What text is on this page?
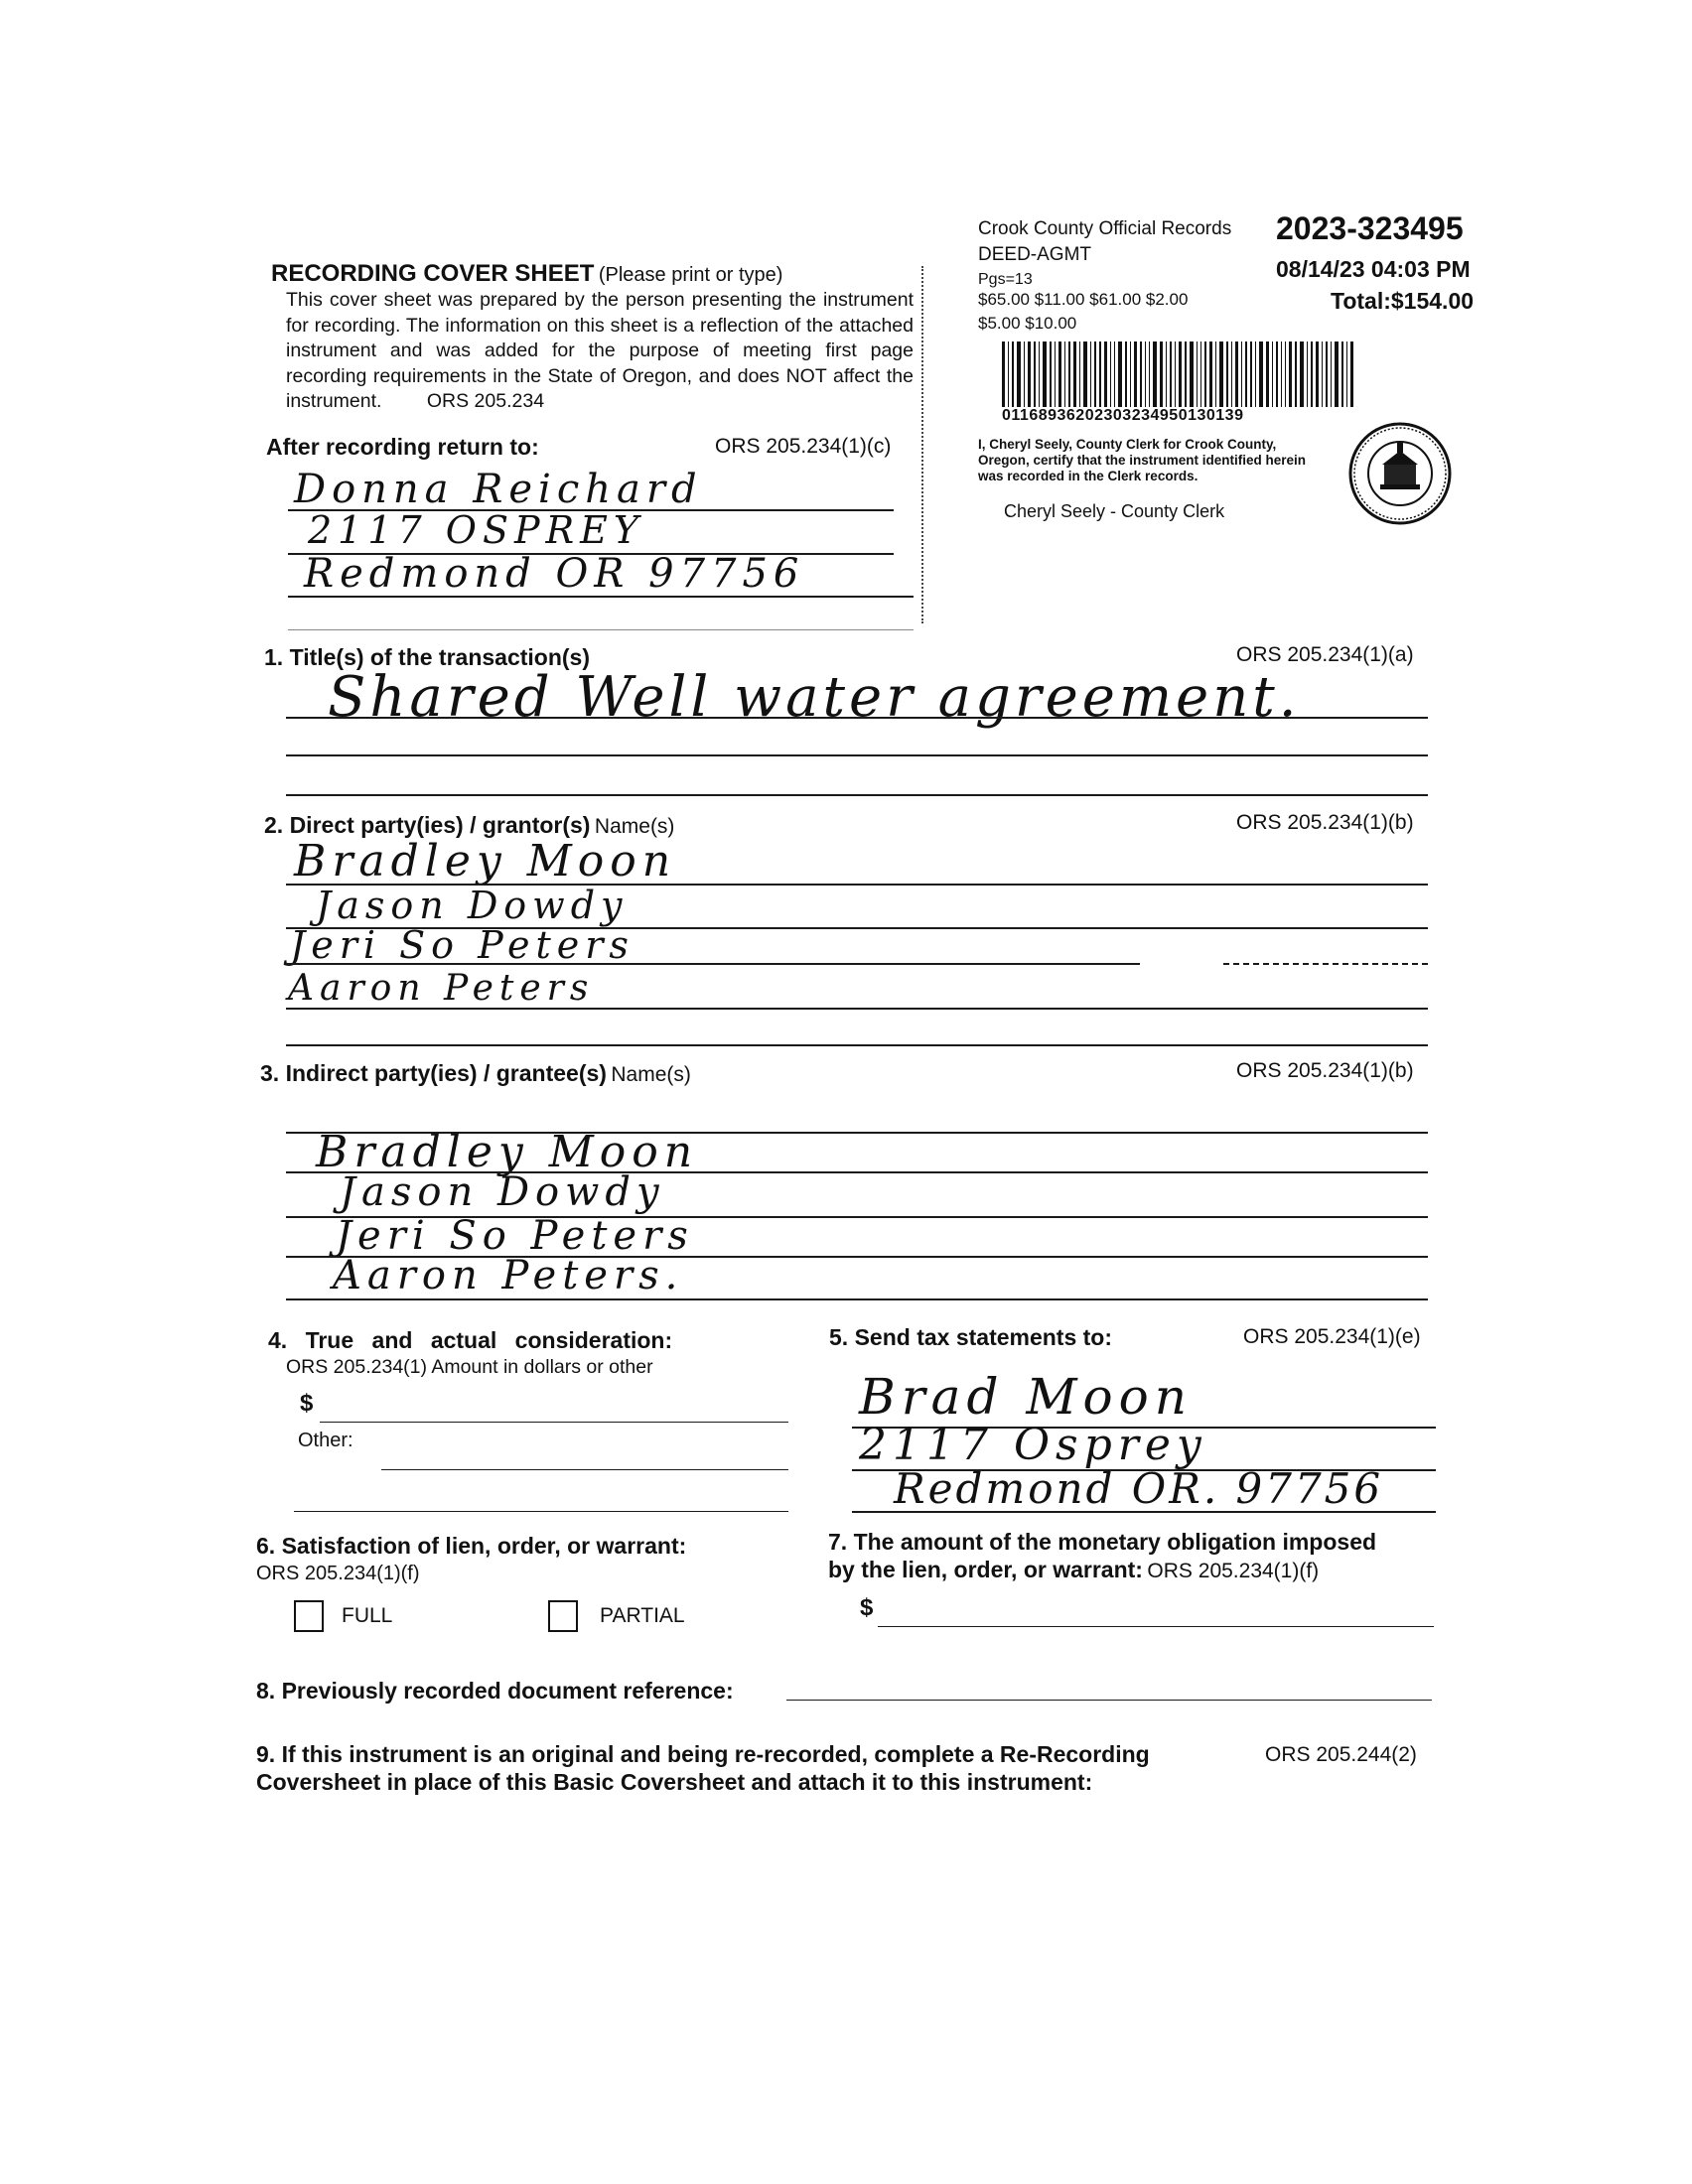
RECORDING COVER SHEET (Please print or type)
This cover sheet was prepared by the person presenting the instrument for recording. The information on this sheet is a reflection of the attached instrument and was added for the purpose of meeting first page recording requirements in the State of Oregon, and does NOT affect the instrument. ORS 205.234
Crook County Official Records 2023-323495
DEED-AGMT
08/14/23 04:03 PM
Pgs=13
$65.00 $11.00 $61.00 $2.00	Total:$154.00
$5.00 $10.00
01168936202303234950130139
I, Cheryl Seely, County Clerk for Crook County, Oregon, certify that the instrument identified herein was recorded in the Clerk records.
Cheryl Seely - County Clerk
After recording return to:	ORS 205.234(1)(c)
Donna Reichard
2117 OSPREY
Redmond OR 97756
1. Title(s) of the transaction(s)	ORS 205.234(1)(a)
Shared Well water agreement.
2. Direct party(ies) / grantor(s) Name(s)	ORS 205.234(1)(b)
Bradley Moon
Jason Dowdy
Jeri So Peters
Aaron Peters
3. Indirect party(ies) / grantee(s) Name(s)	ORS 205.234(1)(b)
Bradley Moon
Jason Dowdy
Jeri So Peters
Aaron Peters.
4. True and actual consideration:
ORS 205.234(1) Amount in dollars or other
$
Other:
5. Send tax statements to:	ORS 205.234(1)(e)
Brad Moon
2117 Osprey
Redmond OR. 97756
6. Satisfaction of lien, order, or warrant:
ORS 205.234(1)(f)
FULL	PARTIAL
7. The amount of the monetary obligation imposed
by the lien, order, or warrant: ORS 205.234(1)(f)
$
8. Previously recorded document reference:
9. If this instrument is an original and being re-recorded, complete a Re-Recording	ORS 205.244(2)
Coversheet in place of this Basic Coversheet and attach it to this instrument:
